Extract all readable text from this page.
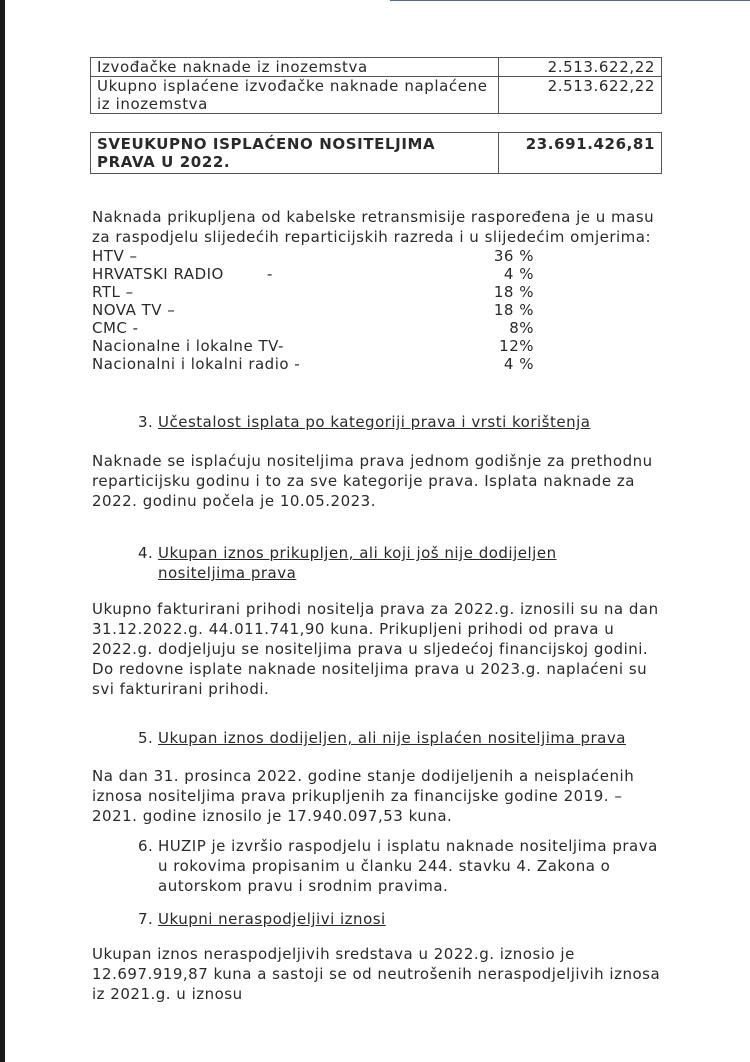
Izvođačke naknade iz inozemstva	2.513.622,22
Ukupno isplaćene izvođačke naknade naplaćene iz inozemstva	2.513.622,22
SVEUKUPNO ISPLAĆENO NOSITELJIMA PRAVA U 2022.	23.691.426,81
Naknada prikupljena od kabelske retransmisije raspoređena je u masu za raspodjelu slijedećih reparticijskih razreda i u slijedećim omjerima:
HTV –	36 %
HRVATSKI RADIO	-	4 %
RTL –	18 %
NOVA TV –	18 %
CMC -	8%
Nacionalne i lokalne TV-	12%
Nacionalni i lokalni radio -	4 %
3. Učestalost isplata po kategoriji prava i vrsti korištenja
Naknade se isplaćuju nositeljima prava jednom godišnje za prethodnu reparticijsku godinu i to za sve kategorije prava. Isplata naknade za 2022. godinu počela je 10.05.2023.
4. Ukupan iznos prikupljen, ali koji još nije dodijeljen nositeljima prava
Ukupno fakturirani prihodi nositelja prava za 2022.g. iznosili su na dan 31.12.2022.g. 44.011.741,90 kuna. Prikupljeni prihodi od prava u 2022.g. dodjeljuju se nositeljima prava u sljedećoj financijskoj godini. Do redovne isplate naknade nositeljima prava u 2023.g. naplaćeni su svi fakturirani prihodi.
5. Ukupan iznos dodijeljen, ali nije isplaćen nositeljima prava
Na dan 31. prosinca 2022. godine stanje dodijeljenih a neisplaćenih iznosa nositeljima prava prikupljenih za financijske godine 2019. – 2021. godine iznosilo je 17.940.097,53 kuna.
6. HUZIP je izvršio raspodjelu i isplatu naknade nositeljima prava u rokovima propisanim u članku 244. stavku 4. Zakona o autorskom pravu i srodnim pravima.
7. Ukupni neraspodjeljivi iznosi
Ukupan iznos neraspodjeljivih sredstava u 2022.g. iznosio je 12.697.919,87 kuna a sastoji se od neutrošenih neraspodjeljivih iznosa iz 2021.g. u iznosu
